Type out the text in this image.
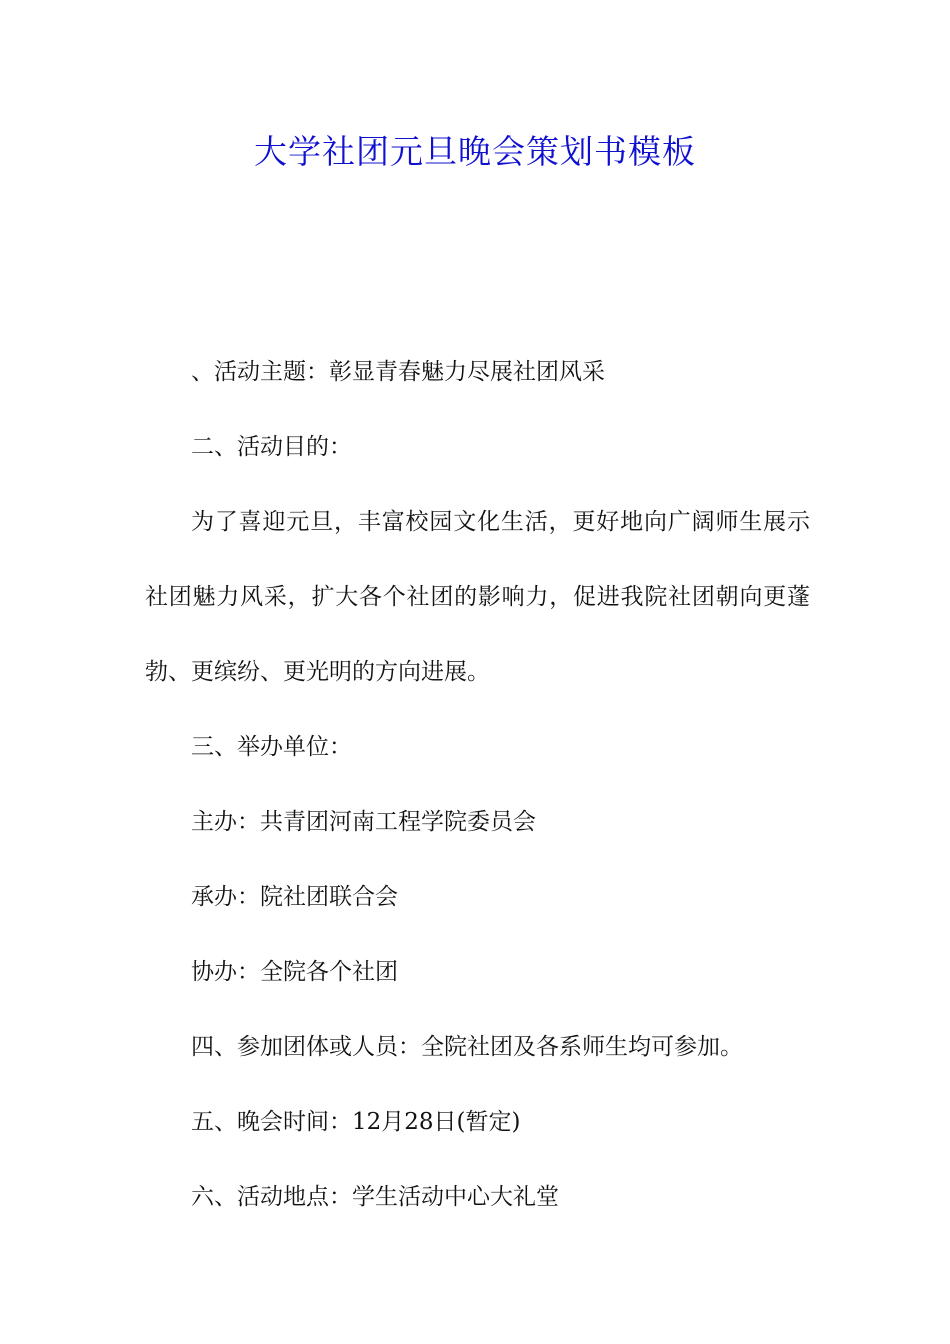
大学社团元旦晚会策划书模板

、活动主题：彰显青春魅力尽展社团风采

二、活动目的：

为了喜迎元旦，丰富校园文化生活，更好地向广阔师生展示社团魅力风采，扩大各个社团的影响力，促进我院社团朝向更蓬勃、更缤纷、更光明的方向进展。

三、举办单位：

主办：共青团河南工程学院委员会

承办：院社团联合会

协办：全院各个社团

四、参加团体或人员：全院社团及各系师生均可参加。

五、晚会时间：12月28日(暂定)

六、活动地点：学生活动中心大礼堂
